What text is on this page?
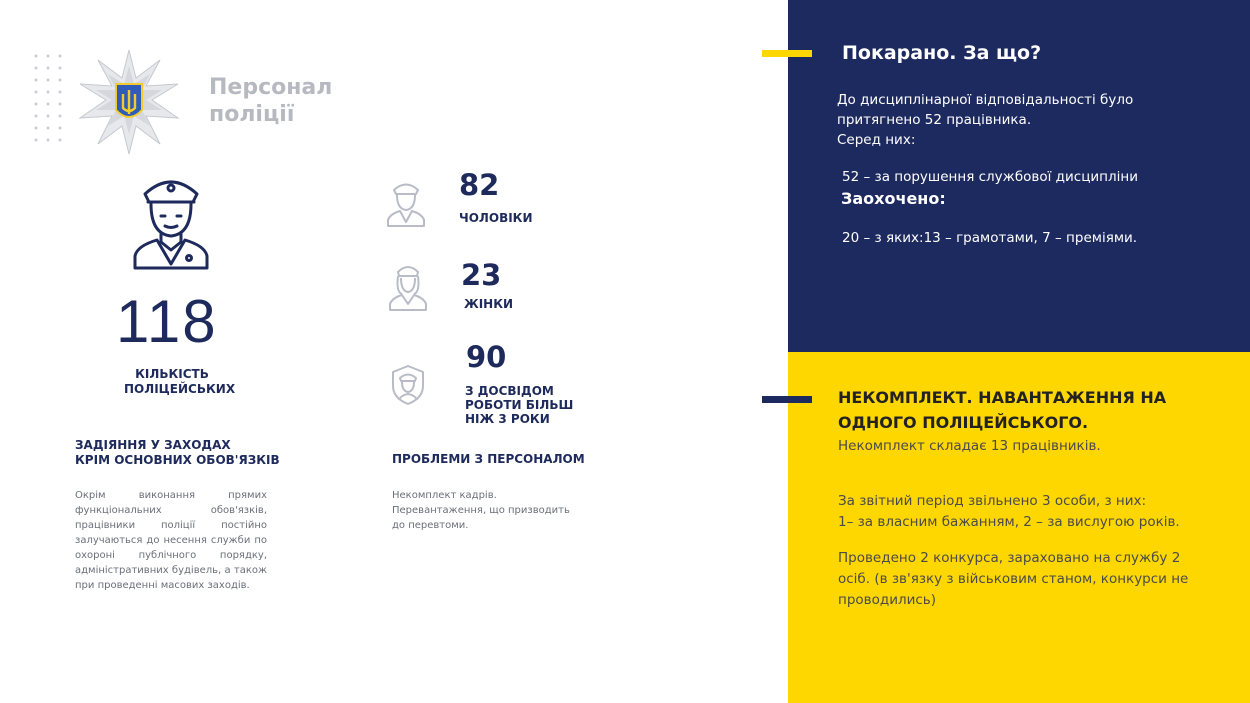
Персонал
поліції
118
КІЛЬКІСТЬ
ПОЛІЦЕЙСЬКИХ
82
ЧОЛОВІКИ
23
ЖІНКИ
90
З ДОСВІДОМ
РОБОТИ БІЛЬШ
НІЖ 3 РОКИ
ЗАДІЯННЯ У ЗАХОДАХ
КРІМ ОСНОВНИХ ОБОВ'ЯЗКІВ
Окрім виконання прямих функціональних обов'язків, працівники поліції постійно залучаються до несення служби по охороні публічного порядку, адміністративних будівель, а також при проведенні масових заходів.
ПРОБЛЕМИ З ПЕРСОНАЛОМ
Некомплект кадрів.
Перевантаження, що призводить
до перевтоми.
Покарано. За що?
До дисциплінарної відповідальності було
притягнено 52 працівника.
Серед них:
52 – за порушення службової дисципліни
Заохочено:
20 – з яких:13 – грамотами, 7 – преміями.
НЕКОМПЛЕКТ. НАВАНТАЖЕННЯ НА
ОДНОГО ПОЛІЦЕЙСЬКОГО.
Некомплект складає 13 працівників.
За звітний період звільнено 3 особи, з них:
1– за власним бажанням, 2 – за вислугою років.
Проведено 2 конкурса, зараховано на службу 2
осіб. (в зв'язку з військовим станом, конкурси не
проводились)
